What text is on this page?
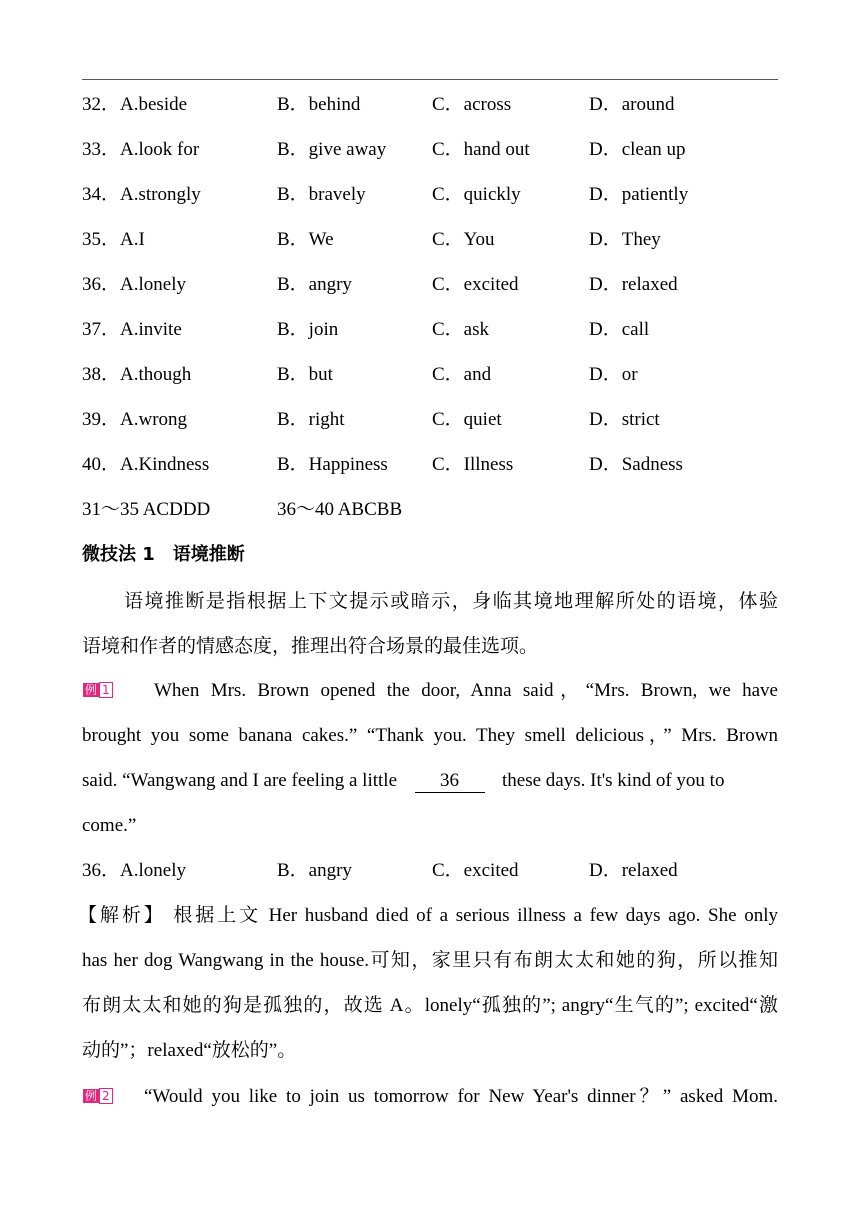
32．A.beside	B．behind	C．across	D．around
33．A.look for	B．give away C．hand out	D．clean up
34．A.strongly	B．bravely	C．quickly	D．patiently
35．A.I	B．We	C．You	D．They
36．A.lonely	B．angry	C．excited	D．relaxed
37．A.invite	B．join	C．ask	D．call
38．A.though	B．but	C．and	D．or
39．A.wrong	B．right	C．quiet	D．strict
40．A.Kindness	B．Happiness C．Illness	D．Sadness
31～35 ACDDD	36～40 ABCBB
微技法 1　语境推断
语境推断是指根据上下文提示或暗示，身临其境地理解所处的语境，体验
语境和作者的情感态度，推理出符合场景的最佳选项。
例 1 When Mrs. Brown opened the door, Anna said，“Mrs. Brown, we have
brought you some banana cakes.” “Thank you. They smell delicious，” Mrs. Brown
said. “Wangwang and I are feeling a little 36 these days. It's kind of you to
come.”
36．A.lonely	B．angry	C．excited	D．relaxed
【解析】 根据上文 Her husband died of a serious illness a few days ago. She only
has her dog Wangwang in the house.可知，家里只有布朗太太和她的狗，所以推知
布朗太太和她的狗是孤独的，故选 A。lonely“孤独的”; angry“生气的”; excited“激
动的”；relaxed“放松的”。
例 2 “Would you like to join us tomorrow for New Year's dinner？” asked Mom.
